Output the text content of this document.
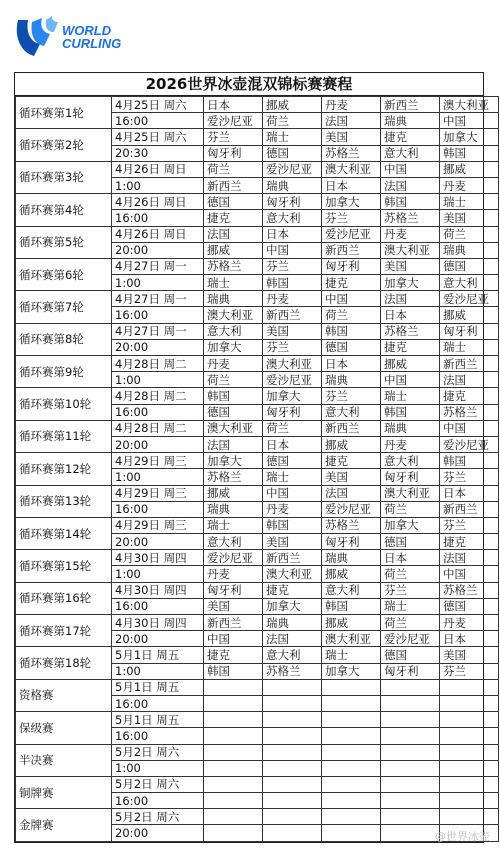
WORLD
CURLING
2026世界冰壶混双锦标赛赛程
循环赛第1轮	4月25日 周六	日本	挪威	丹麦	新西兰	澳大利亚
	16:00	爱沙尼亚	荷兰	法国	瑞典	中国
循环赛第2轮	4月25日 周六	芬兰	瑞士	美国	捷克	加拿大
	20:30	匈牙利	德国	苏格兰	意大利	韩国
循环赛第3轮	4月26日 周日	荷兰	爱沙尼亚	澳大利亚	中国	挪威
	1:00	新西兰	瑞典	日本	法国	丹麦
循环赛第4轮	4月26日 周日	德国	匈牙利	加拿大	韩国	瑞士
	16:00	捷克	意大利	芬兰	苏格兰	美国
循环赛第5轮	4月26日 周日	法国	日本	爱沙尼亚	丹麦	荷兰
	20:00	挪威	中国	新西兰	澳大利亚	瑞典
循环赛第6轮	4月27日 周一	苏格兰	芬兰	匈牙利	美国	德国
	1:00	瑞士	韩国	捷克	加拿大	意大利
循环赛第7轮	4月27日 周一	瑞典	丹麦	中国	法国	爱沙尼亚
	16:00	澳大利亚	新西兰	荷兰	日本	挪威
循环赛第8轮	4月27日 周一	意大利	美国	韩国	苏格兰	匈牙利
	20:00	加拿大	芬兰	德国	捷克	瑞士
循环赛第9轮	4月28日 周二	丹麦	澳大利亚	日本	挪威	新西兰
	1:00	荷兰	爱沙尼亚	瑞典	中国	法国
循环赛第10轮	4月28日 周二	韩国	加拿大	芬兰	瑞士	捷克
	16:00	德国	匈牙利	意大利	韩国	苏格兰
循环赛第11轮	4月28日 周二	澳大利亚	荷兰	新西兰	瑞典	中国
	20:00	法国	日本	挪威	丹麦	爱沙尼亚
循环赛第12轮	4月29日 周三	加拿大	德国	捷克	意大利	韩国
	1:00	苏格兰	瑞士	美国	匈牙利	芬兰
循环赛第13轮	4月29日 周三	挪威	中国	法国	澳大利亚	日本
	16:00	瑞典	丹麦	爱沙尼亚	荷兰	新西兰
循环赛第14轮	4月29日 周三	瑞士	韩国	苏格兰	加拿大	芬兰
	20:00	意大利	美国	匈牙利	德国	捷克
循环赛第15轮	4月30日 周四	爱沙尼亚	新西兰	瑞典	日本	法国
	1:00	丹麦	澳大利亚	挪威	荷兰	中国
循环赛第16轮	4月30日 周四	匈牙利	捷克	意大利	芬兰	苏格兰
	16:00	美国	加拿大	韩国	瑞士	德国
循环赛第17轮	4月30日 周四	新西兰	瑞典	挪威	荷兰	丹麦
	20:00	中国	法国	澳大利亚	爱沙尼亚	日本
循环赛第18轮	5月1日 周五	捷克	意大利	瑞士	德国	美国
	1:00	韩国	苏格兰	加拿大	匈牙利	芬兰
资格赛	5月1日 周五					
	16:00					
保级赛	5月1日 周五					
	16:00					
半决赛	5月2日 周六					
	1:00					
铜牌赛	5月2日 周六					
	16:00					
金牌赛	5月2日 周六					
	20:00						@世界冰壶
